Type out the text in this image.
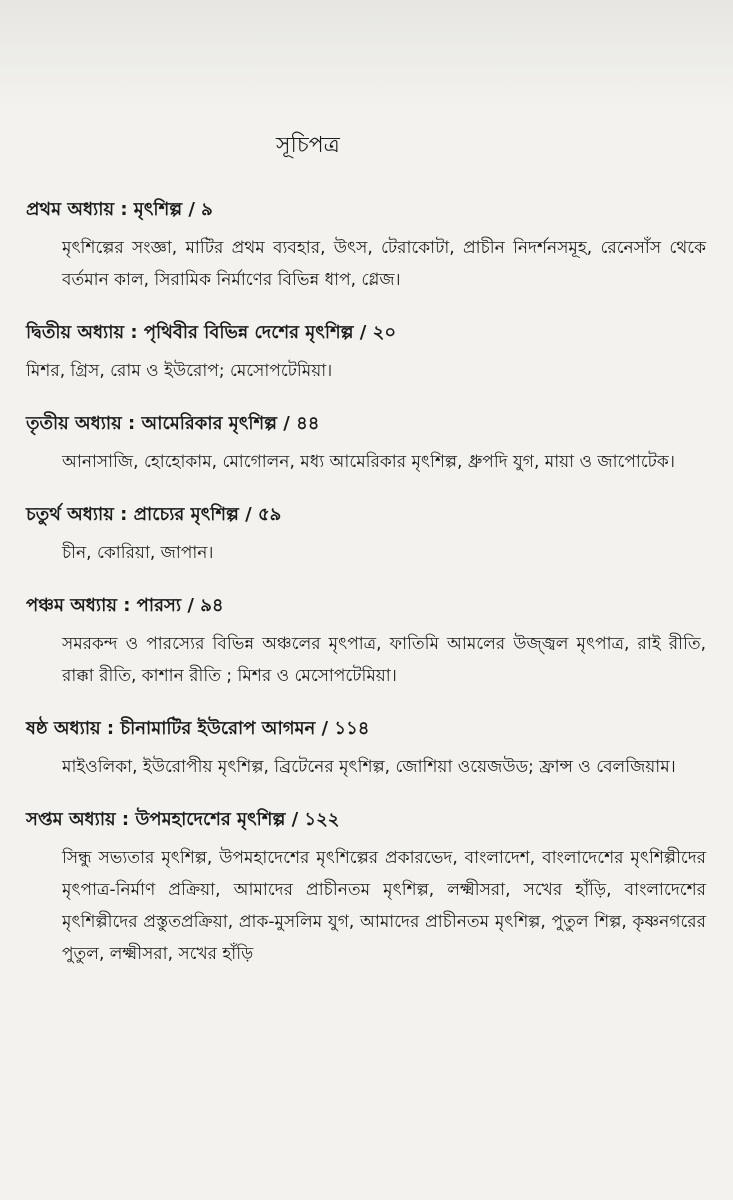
সূচিপত্র
প্রথম অধ্যায় : মৃৎশিল্প / ৯
মৃৎশিল্পের সংজ্ঞা, মাটির প্রথম ব্যবহার, উৎস, টেরাকোটা, প্রাচীন নিদর্শনসমূহ, রেনেসাঁস থেকে বর্তমান কাল, সিরামিক নির্মাণের বিভিন্ন ধাপ, গ্লেজ।
দ্বিতীয় অধ্যায় : পৃথিবীর বিভিন্ন দেশের মৃৎশিল্প / ২০
মিশর, গ্রিস, রোম ও ইউরোপ; মেসোপটেমিয়া।
তৃতীয় অধ্যায় : আমেরিকার মৃৎশিল্প / ৪৪
আনাসাজি, হোহোকাম, মোগোলন, মধ্য আমেরিকার মৃৎশিল্প, ধ্রুপদি যুগ, মায়া ও জাপোটেক।
চতুর্থ অধ্যায় : প্রাচ্যের মৃৎশিল্প / ৫৯
চীন, কোরিয়া, জাপান।
পঞ্চম অধ্যায় : পারস্য / ৯৪
সমরকন্দ ও পারস্যের বিভিন্ন অঞ্চলের মৃৎপাত্র, ফাতিমি আমলের উজ্জ্বল মৃৎপাত্র, রাই রীতি, রাক্কা রীতি, কাশান রীতি ; মিশর ও মেসোপটেমিয়া।
ষষ্ঠ অধ্যায় : চীনামাটির ইউরোপ আগমন / ১১৪
মাইওলিকা, ইউরোপীয় মৃৎশিল্প, ব্রিটেনের মৃৎশিল্প, জোশিয়া ওয়েজউড; ফ্রান্স ও বেলজিয়াম।
সপ্তম অধ্যায় : উপমহাদেশের মৃৎশিল্প / ১২২
সিন্ধু সভ্যতার মৃৎশিল্প, উপমহাদেশের মৃৎশিল্পের প্রকারভেদ, বাংলাদেশ, বাংলাদেশের মৃৎশিল্পীদের মৃৎপাত্র-নির্মাণ প্রক্রিয়া, আমাদের প্রাচীনতম মৃৎশিল্প, লক্ষ্মীসরা, সখের হাঁড়ি, বাংলাদেশের মৃৎশিল্পীদের প্রস্তুতপ্রক্রিয়া, প্রাক-মুসলিম যুগ, আমাদের প্রাচীনতম মৃৎশিল্প, পুতুল শিল্প, কৃষ্ণনগরের পুতুল, লক্ষ্মীসরা, সখের হাঁড়ি
